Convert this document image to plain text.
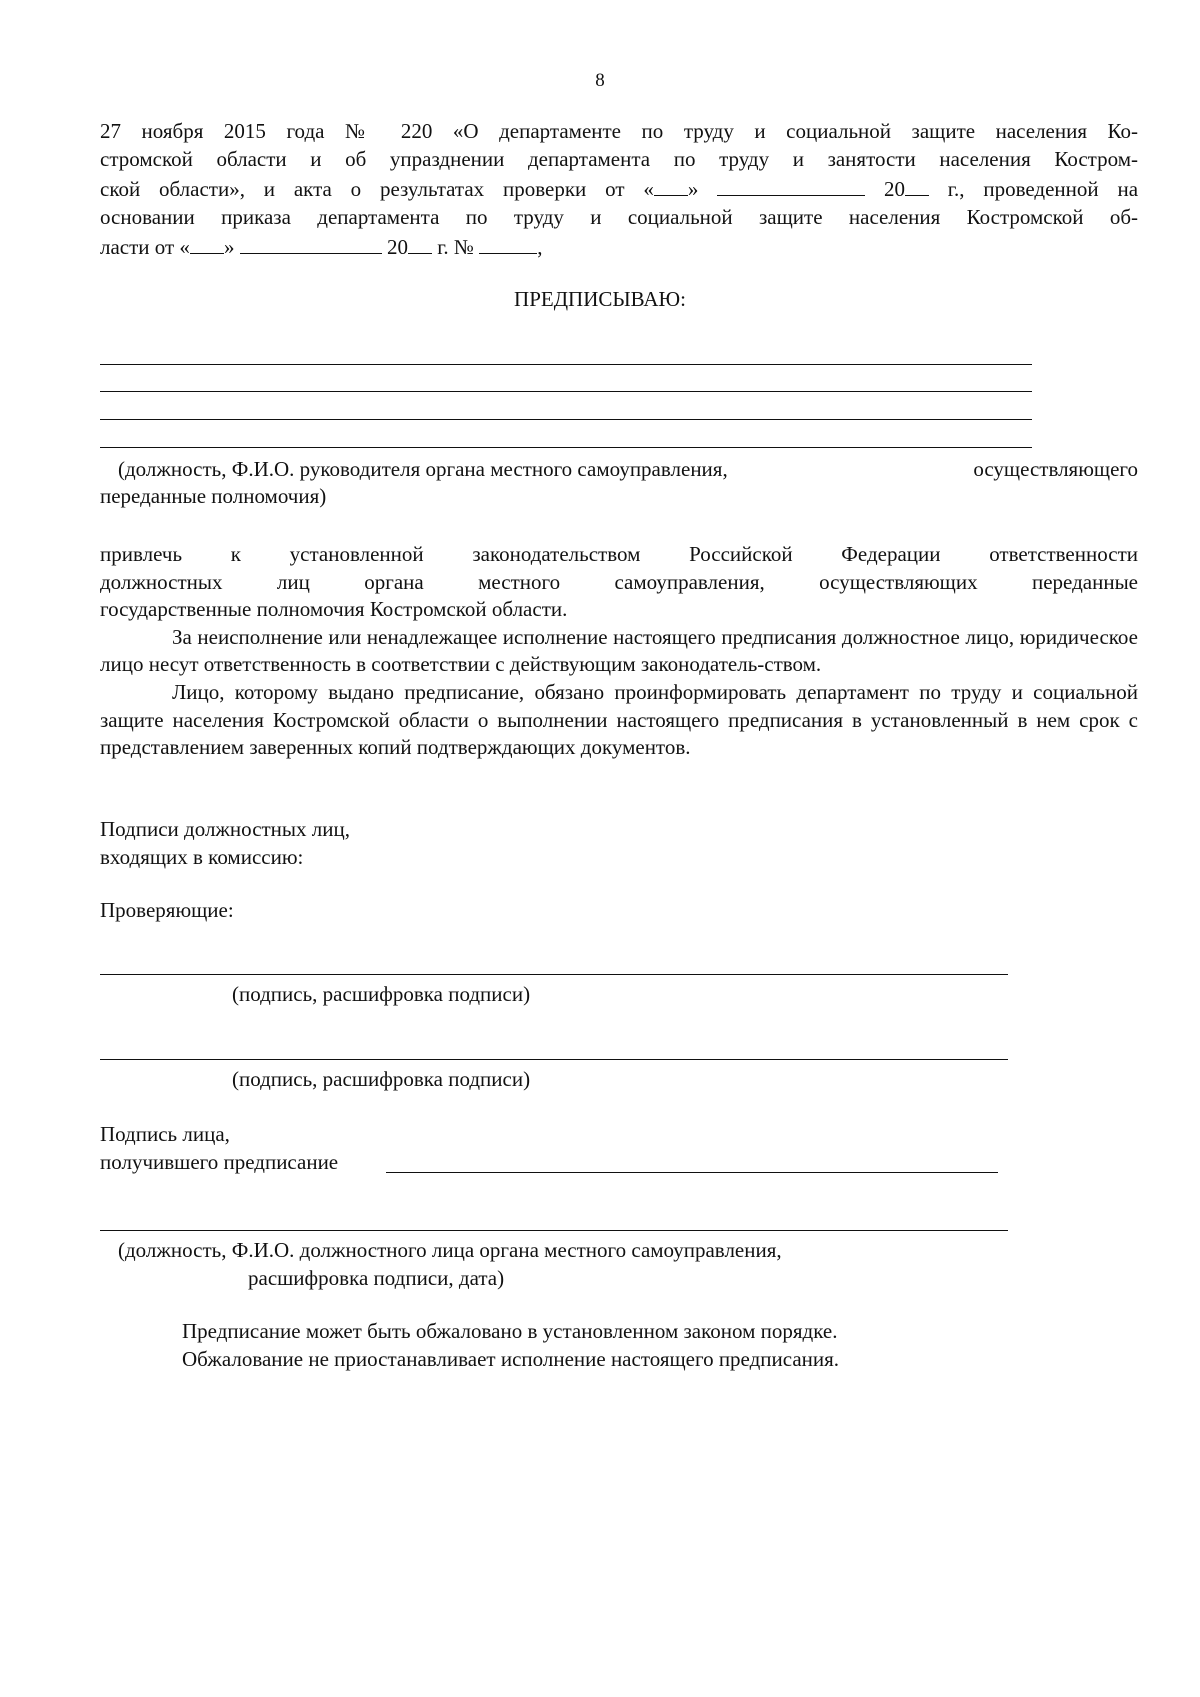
8
27 ноября 2015 года № 220 «О департаменте по труду и социальной защите населения Ко-
стромской области и об упразднении департамента по труду и занятости населения Костром-
ской области», и акта о результатах проверки от « »	20 г., проведенной на
основании приказа департамента по труду и социальной защите населения Костромской об-
ласти от « »	20 г. №	,
ПРЕДПИСЫВАЮ:
(должность, Ф.И.О. руководителя органа местного самоуправления,	осуществляющего
переданные полномочия)

привлечь к установленной законодательством Российской Федерации ответственности

должностных лиц органа местного самоуправления, осуществляющих переданные

государственные полномочия Костромской области.

За неисполнение или ненадлежащее исполнение настоящего предписания должностное лицо, юридическое лицо несут ответственность в соответствии с действующим законодатель-ством.

Лицо, которому выдано предписание, обязано проинформировать департамент по труду и социальной защите населения Костромской области о выполнении настоящего предписания в установленный в нем срок с представлением заверенных копий подтверждающих документов.

Подписи должностных лиц,
входящих в комиссию:
Проверяющие:
(подпись, расшифровка подписи)
(подпись, расшифровка подписи)
Подпись лица,
получившего предписание
(должность, Ф.И.О. должностного лица органа местного самоуправления,
расшифровка подписи, дата)
Предписание может быть обжаловано в установленном законом порядке.
Обжалование не приостанавливает исполнение настоящего предписания.
